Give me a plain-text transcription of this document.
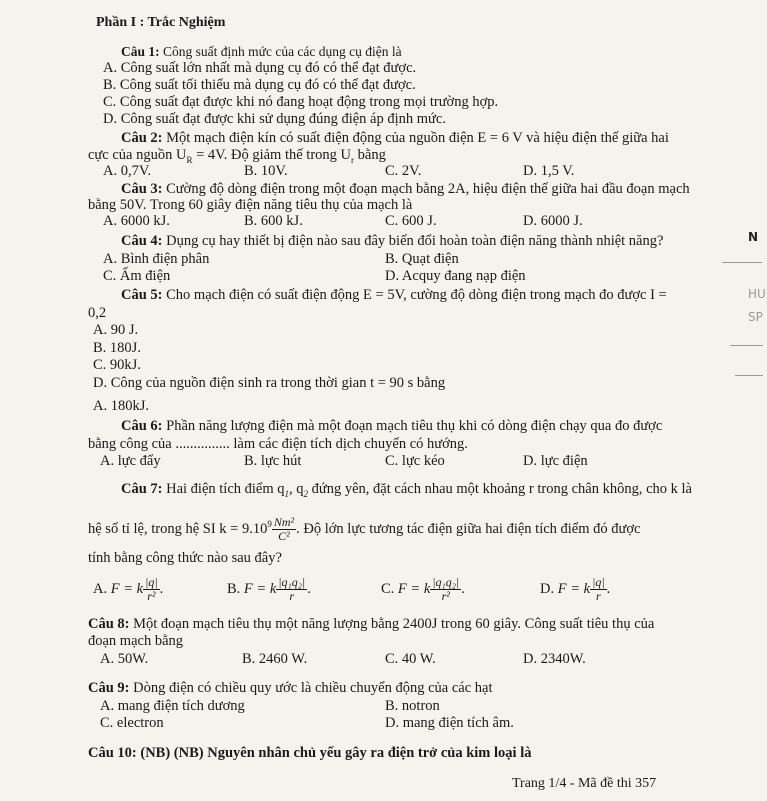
Phần I : Trắc Nghiệm
Câu 1: Công suất định mức của các dụng cụ điện là
A. Công suất lớn nhất mà dụng cụ đó có thể đạt được.
B. Công suất tối thiểu mà dụng cụ đó có thể đạt được.
C. Công suất đạt được khi nó đang hoạt động trong mọi trường hợp.
D. Công suất đạt được khi sử dụng đúng điện áp định mức.
Câu 2: Một mạch điện kín có suất điện động của nguồn điện E = 6 V và hiệu điện thế giữa hai
cực của nguồn $U_R = 4V$. Độ giảm thế trong $U_r$ bằng
A. 0,7V.	B. 10V.	C. 2V.	D. 1,5 V.
Câu 3: Cường độ dòng điện trong một đoạn mạch bằng 2A, hiệu điện thế giữa hai đầu đoạn mạch
bằng 50V. Trong 60 giây điện năng tiêu thụ của mạch là
A. 6000 kJ.	B. 600 kJ.	C. 600 J.	D. 6000 J.
Câu 4: Dụng cụ hay thiết bị điện nào sau đây biến đổi hoàn toàn điện năng thành nhiệt năng?
A. Bình điện phân	B. Quạt điện
C. Ấm điện	D. Acquy đang nạp điện
Câu 5: Cho mạch điện có suất điện động E = 5V, cường độ dòng điện trong mạch đo được I =
0,2
A. 90 J.
B. 180J.
C. 90kJ.
D. Công của nguồn điện sinh ra trong thời gian t = 90 s bằng
A. 180kJ.
Câu 6: Phần năng lượng điện mà một đoạn mạch tiêu thụ khi có dòng điện chạy qua đo được
bằng công của ............... làm các điện tích dịch chuyển có hướng.
A. lực đẩy	B. lực hút	C. lực kéo	D. lực điện
Câu 7: Hai điện tích điểm $q_1$, $q_2$ đứng yên, đặt cách nhau một khoảng r trong chân không, cho k là
hệ số tỉ lệ, trong hệ SI $k = 9.10^9 \frac{\text{Nm²}}{\text{C²}}$ . Độ lớn lực tương tác điện giữa hai điện tích điểm đó được
tính bằng công thức nào sau đây?
A. F = k $\frac{|q|}{\text{r²}}$ .	B. F = k $\frac{\text{|q₁q₂|}}{r}$ .	C. F = k $\frac{\text{|q₁q₂|}}{\text{r²}}$ .	D. F = k $\frac{|q|}{r}$ .
Câu 8: Một đoạn mạch tiêu thụ một năng lượng bằng 2400J trong 60 giây. Công suất tiêu thụ của
đoạn mạch bằng
A. 50W.	B. 2460 W.	C. 40 W.	D. 2340W.
Câu 9: Dòng điện có chiều quy ước là chiều chuyển động của các hạt
A. mang điện tích dương	B. notron
C. electron	D. mang điện tích âm.
Câu 10: (NB) (NB) Nguyên nhân chủ yếu gây ra điện trở của kim loại là
Trang 1/4 - Mã đề thi 357
N
HU
SP
